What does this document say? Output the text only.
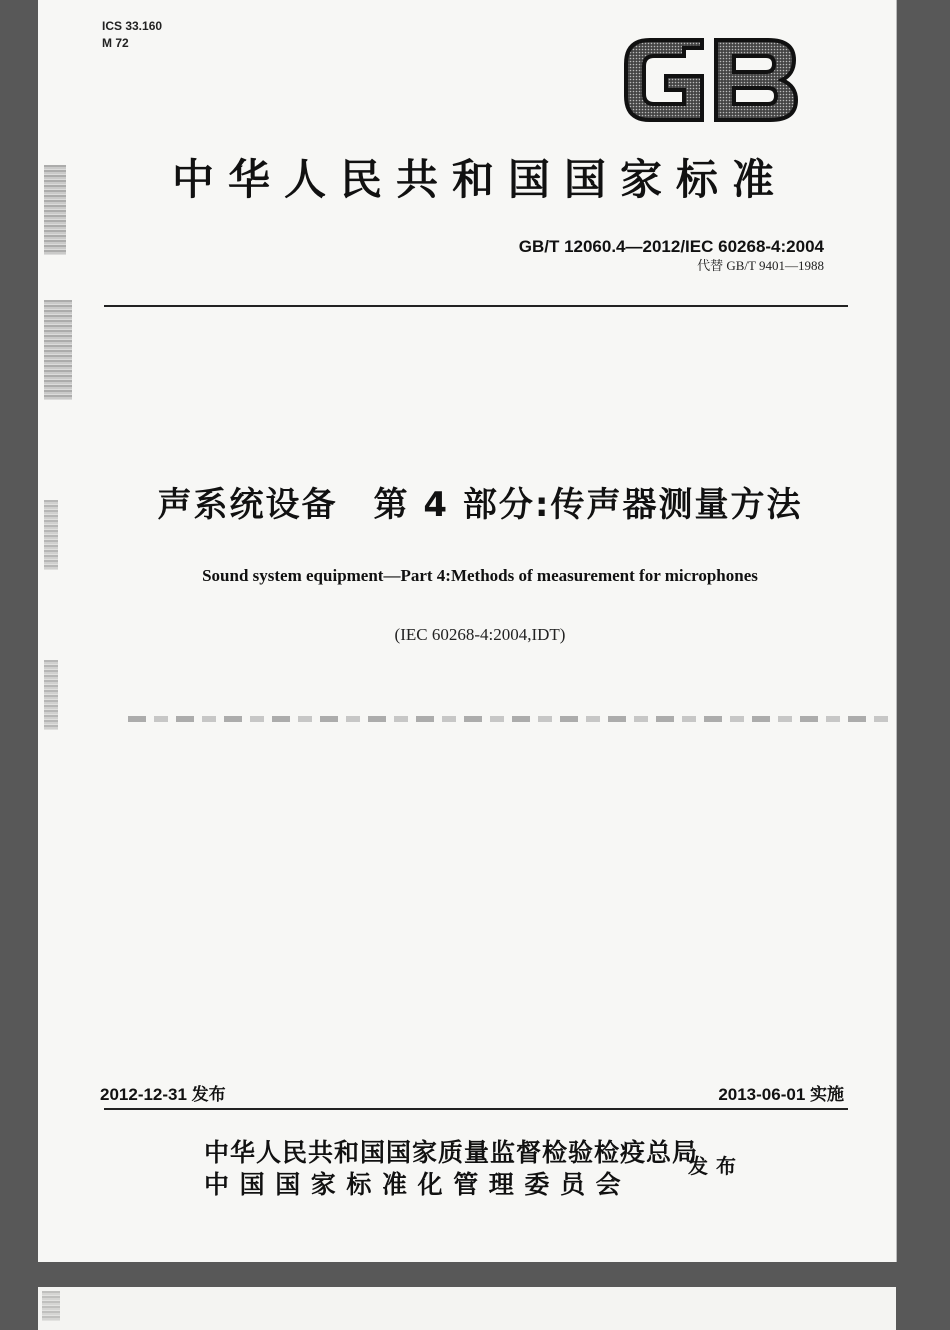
ICS 33.160
M 72
中华人民共和国国家标准
GB/T 12060.4—2012/IEC 60268-4:2004
代替 GB/T 9401—1988
声系统设备　第 4 部分:传声器测量方法
Sound system equipment—Part 4:Methods of measurement for microphones
(IEC 60268-4:2004,IDT)
2012-12-31 发布	2013-06-01 实施
中华人民共和国国家质量监督检验检疫总局
中国国家标准化管理委员会
发布
